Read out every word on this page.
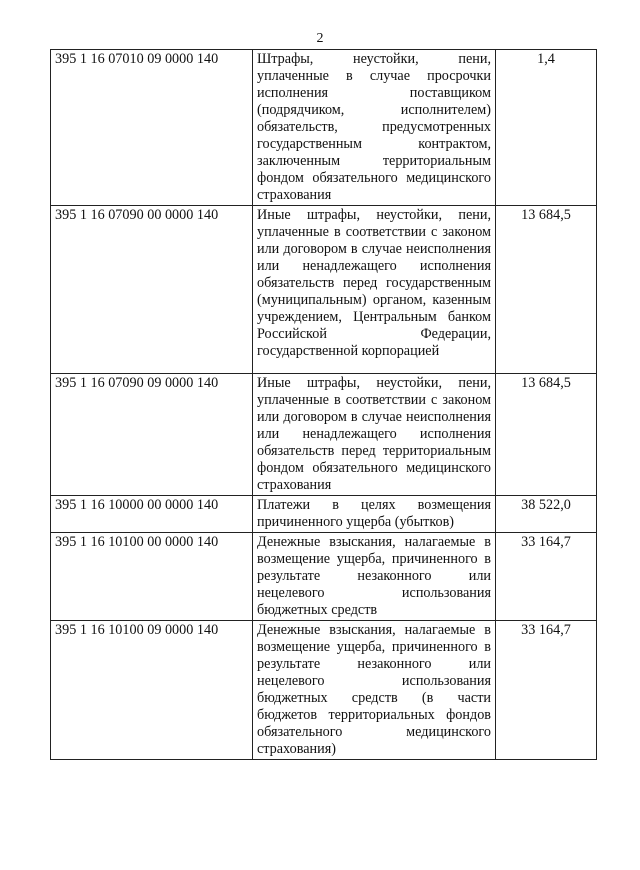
2
395 1 16 07010 09 0000 140	Штрафы, неустойки, пени, уплаченные в случае просрочки исполнения поставщиком (подрядчиком, исполнителем) обязательств, предусмотренных государственным контрактом, заключенным территориальным фондом обязательного медицинского страхования	1,4
395 1 16 07090 00 0000 140	Иные штрафы, неустойки, пени, уплаченные в соответствии с законом или договором в случае неисполнения или ненадлежащего исполнения обязательств перед государственным (муниципальным) органом, казенным учреждением, Центральным банком Российской Федерации, государственной корпорацией	13 684,5
395 1 16 07090 09 0000 140	Иные штрафы, неустойки, пени, уплаченные в соответствии с законом или договором в случае неисполнения или ненадлежащего исполнения обязательств перед территориальным фондом обязательного медицинского страхования	13 684,5
395 1 16 10000 00 0000 140	Платежи в целях возмещения причиненного ущерба (убытков)	38 522,0
395 1 16 10100 00 0000 140	Денежные взыскания, налагаемые в возмещение ущерба, причиненного в результате незаконного или нецелевого использования бюджетных средств	33 164,7
395 1 16 10100 09 0000 140	Денежные взыскания, налагаемые в возмещение ущерба, причиненного в результате незаконного или нецелевого использования бюджетных средств (в части бюджетов территориальных фондов обязательного медицинского страхования)	33 164,7
